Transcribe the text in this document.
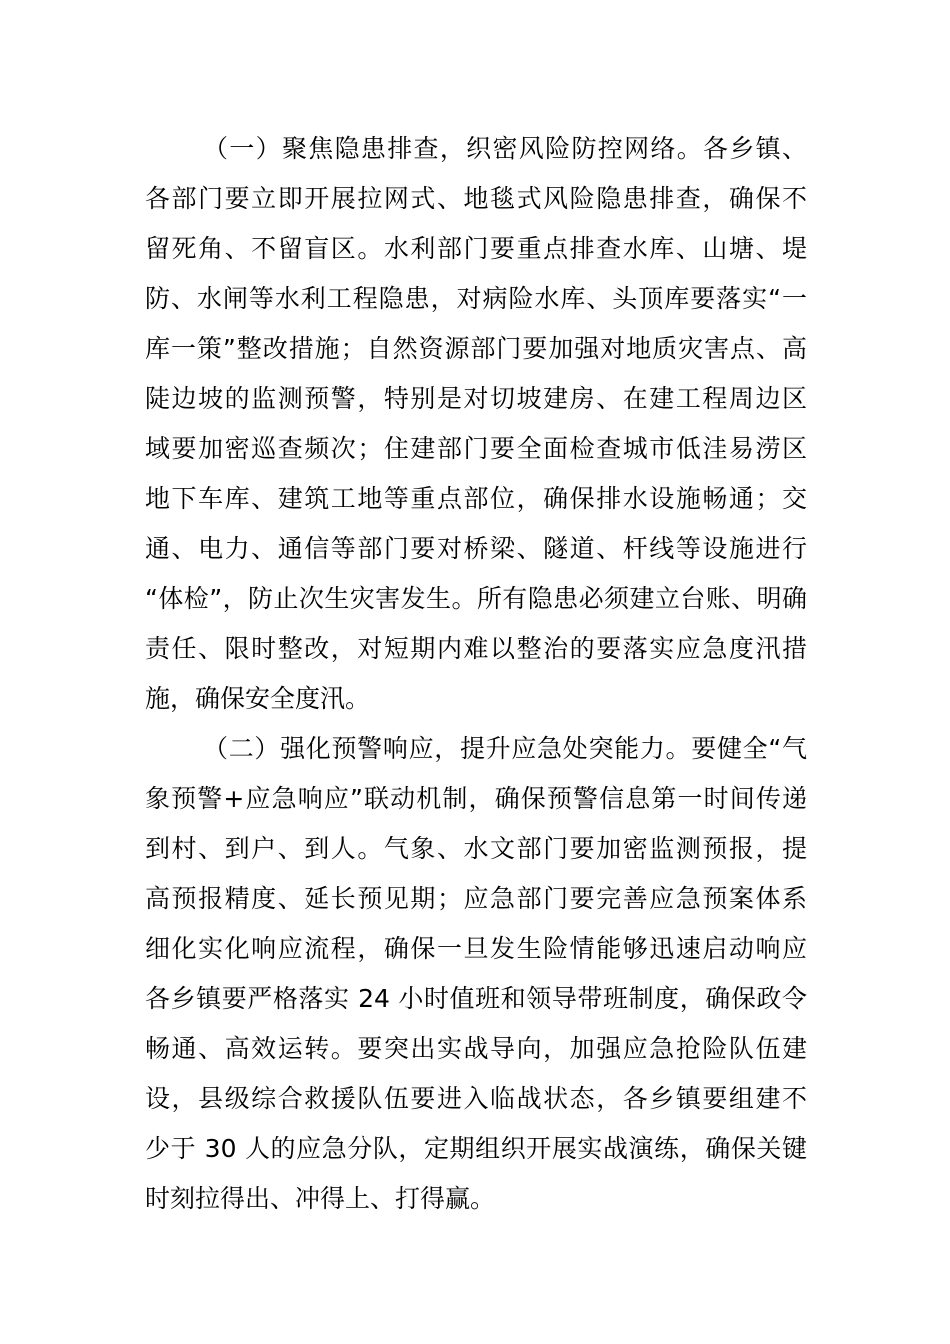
（一）聚焦隐患排查，织密风险防控网络。各乡镇、
各部门要立即开展拉网式、地毯式风险隐患排查，确保不
留死角、不留盲区。水利部门要重点排查水库、山塘、堤
防、水闸等水利工程隐患，对病险水库、头顶库要落实“一
库一策”整改措施；自然资源部门要加强对地质灾害点、高
陡边坡的监测预警，特别是对切坡建房、在建工程周边区
域要加密巡查频次；住建部门要全面检查城市低洼易涝区
地下车库、建筑工地等重点部位，确保排水设施畅通；交
通、电力、通信等部门要对桥梁、隧道、杆线等设施进行
“体检”，防止次生灾害发生。所有隐患必须建立台账、明确
责任、限时整改，对短期内难以整治的要落实应急度汛措
施，确保安全度汛。
（二）强化预警响应，提升应急处突能力。要健全“气
象预警+应急响应”联动机制，确保预警信息第一时间传递
到村、到户、到人。气象、水文部门要加密监测预报，提
高预报精度、延长预见期；应急部门要完善应急预案体系
细化实化响应流程，确保一旦发生险情能够迅速启动响应
各乡镇要严格落实 24 小时值班和领导带班制度，确保政令
畅通、高效运转。要突出实战导向，加强应急抢险队伍建
设，县级综合救援队伍要进入临战状态，各乡镇要组建不
少于 30 人的应急分队，定期组织开展实战演练，确保关键
时刻拉得出、冲得上、打得赢。
